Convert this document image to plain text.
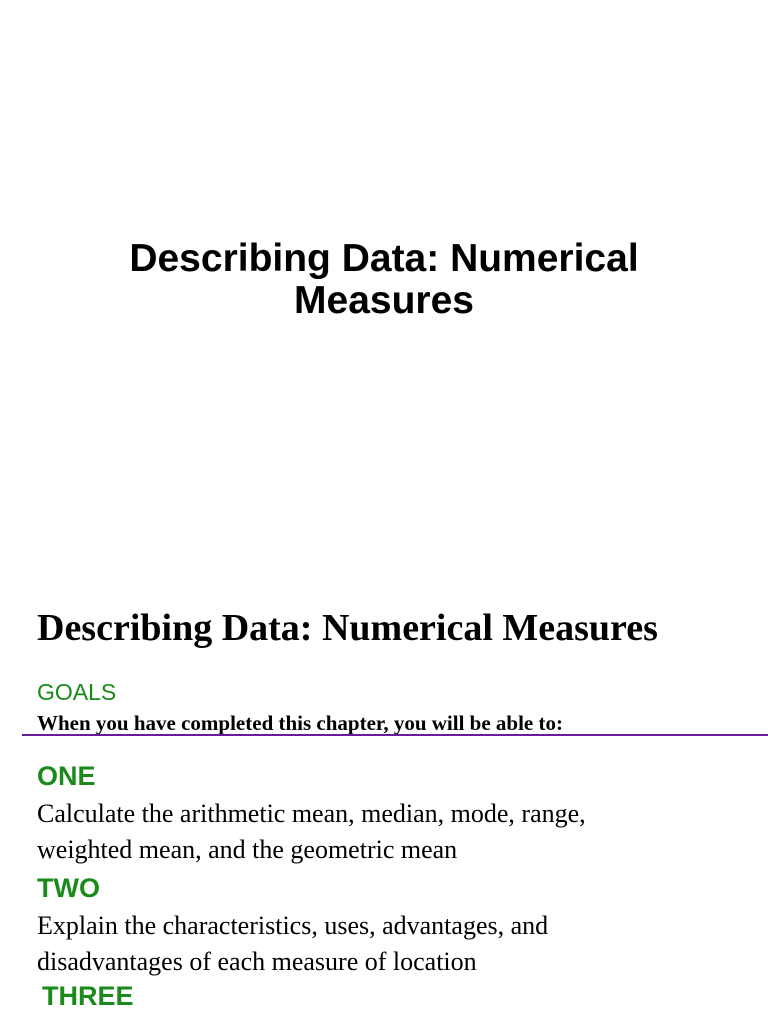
Describing Data: Numerical
Measures
Describing Data: Numerical Measures
GOALS
When you have completed this chapter, you will be able to:
ONE
Calculate the arithmetic mean, median, mode, range,
weighted mean, and the geometric mean
TWO
Explain the characteristics, uses, advantages, and
disadvantages of each measure of location
THREE
